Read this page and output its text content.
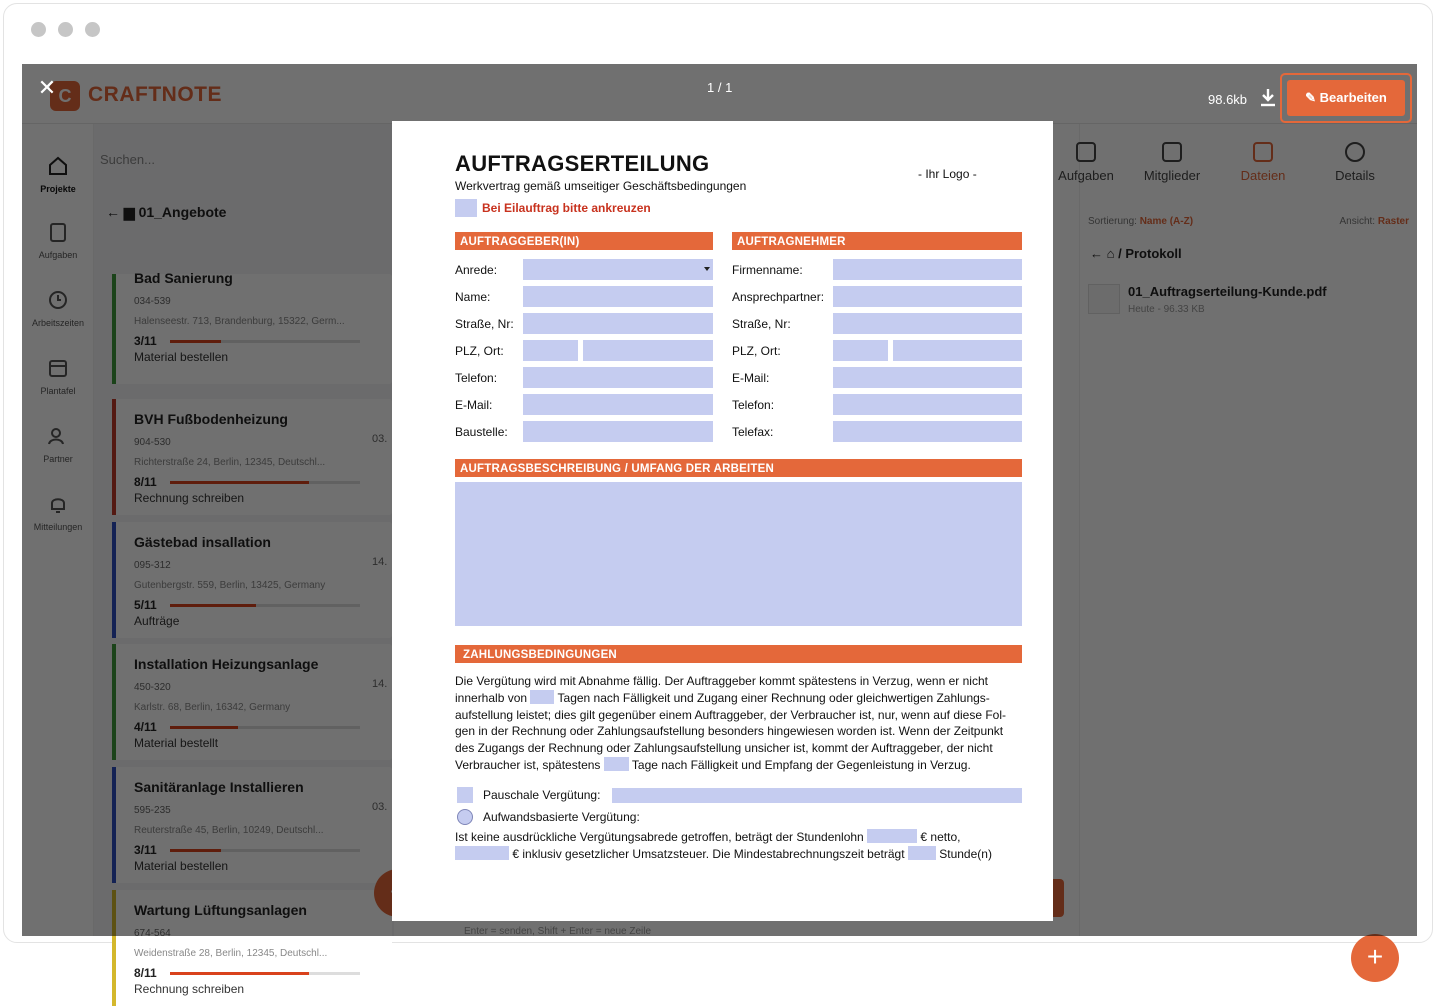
Weidenstraße 28, Berlin, 12345, Deutschl...
8/11
Rechnung schreiben
+
✕	1 / 1
98.6kb	✎ Bearbeiten
AUFTRAGSERTEILUNG
Werkvertrag gemäß umseitiger Geschäftsbedingungen
- Ihr Logo -
Bei Eilauftrag bitte ankreuzen
AUFTRAGGEBER(IN)	AUFTRAGNEHMER
Anrede:
Name:
Straße, Nr:
PLZ, Ort:
Telefon:
E-Mail:
Baustelle:
Firmenname:
Ansprechpartner:
Straße, Nr:
PLZ, Ort:
E-Mail:
Telefon:
Telefax:
AUFTRAGSBESCHREIBUNG / UMFANG DER ARBEITEN
ZAHLUNGSBEDINGUNGEN
Die Vergütung wird mit Abnahme fällig. Der Auftraggeber kommt spätestens in Verzug, wenn er nicht
innerhalb von	Tagen nach Fälligkeit und Zugang einer Rechnung oder gleichwertigen Zahlungs-
aufstellung leistet; dies gilt gegenüber einem Auftraggeber, der Verbraucher ist, nur, wenn auf diese Fol-
gen in der Rechnung oder Zahlungsaufstellung besonders hingewiesen worden ist. Wenn der Zeitpunkt
des Zugangs der Rechnung oder Zahlungsaufstellung unsicher ist, kommt der Auftraggeber, der nicht
Verbraucher ist, spätestens	Tage nach Fälligkeit und Empfang der Gegenleistung in Verzug.
Pauschale Vergütung:
Aufwandsbasierte Vergütung:
Ist keine ausdrückliche Vergütungsabrede getroffen, beträgt der Stundenlohn	€ netto,
€ inklusiv gesetzlicher Umsatzsteuer. Die Mindestabrechnungszeit beträgt	Stunde(n)
